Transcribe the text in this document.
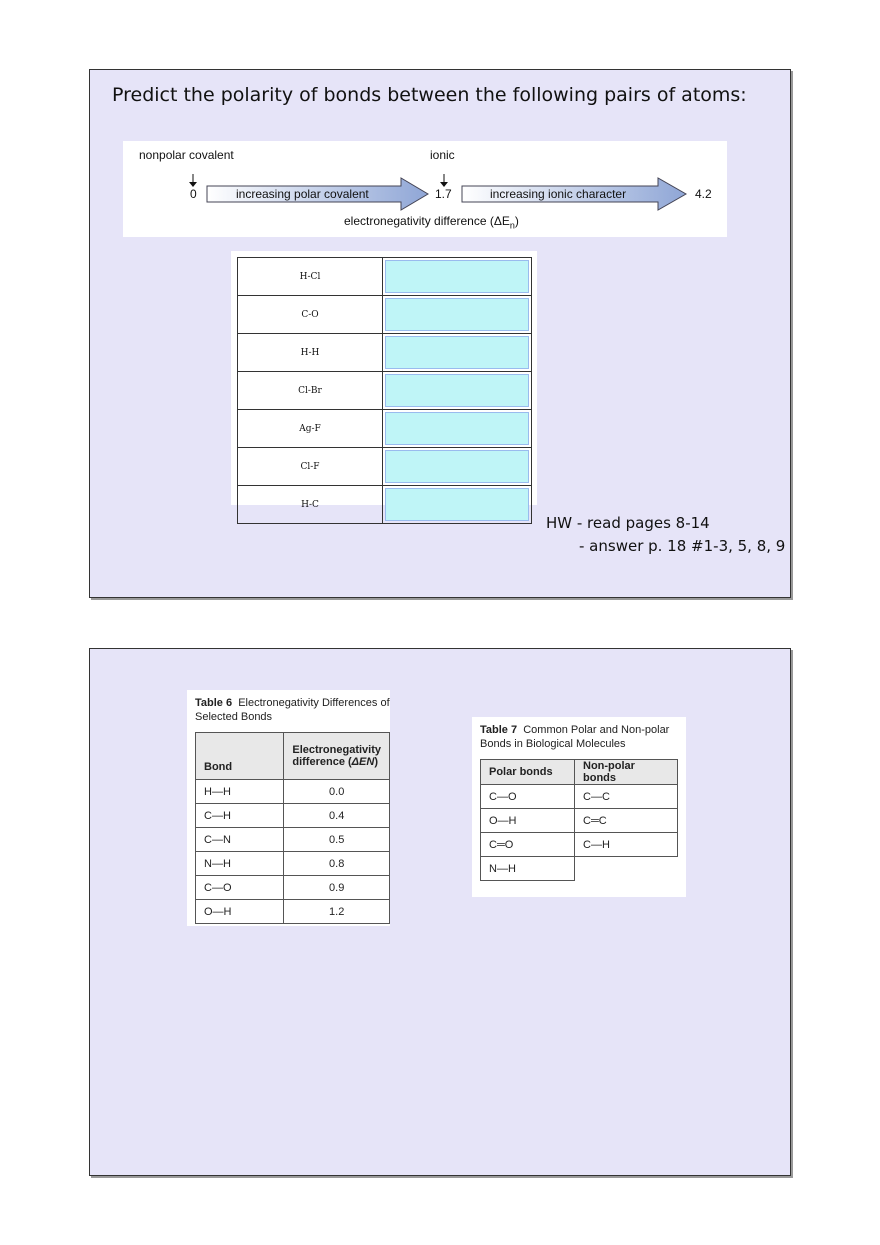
Predict the polarity of bonds between the following pairs of atoms:
nonpolar covalent	ionic
0	1.7	4.2
increasing polar covalent	increasing ionic character
electronegativity difference $(\Delta E_n)$
H-Cl	

C-O	

H-H	

Cl-Br	

Ag-F	

Cl-F	

H-C	
HW - read pages 8-14
- answer p. 18 #1-3, 5, 8, 9
Table 6 Electronegativity Differences of
Selected Bonds
Bond	Electronegativity
difference (ΔEN)
H—H	0.0
C—H	0.4
C—N	0.5
N—H	0.8
C—O	0.9
O—H	1.2
Table 7 Common Polar and Non-polar
Bonds in Biological Molecules
Polar bonds	Non-polar bonds
C—O	C—C
O—H	C═C
C═O	C—H
N—H	
